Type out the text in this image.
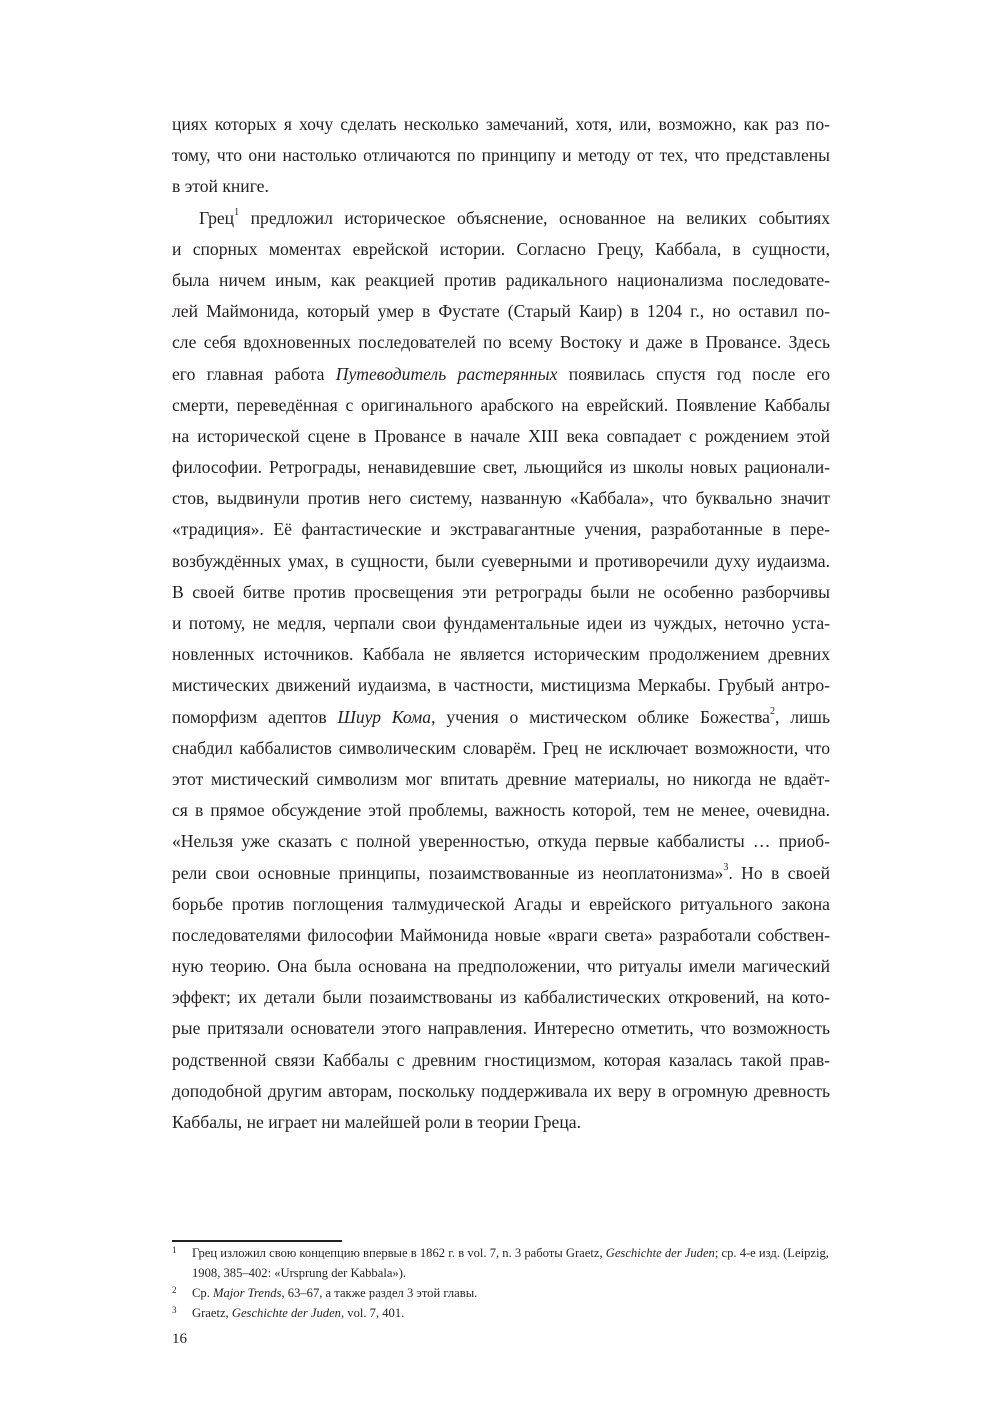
циях которых я хочу сделать несколько замечаний, хотя, или, возможно, как раз по-
тому, что они настолько отличаются по принципу и методу от тех, что представлены
в этой книге.
Грец$^1$ предложил историческое объяснение, основанное на великих событиях
и спорных моментах еврейской истории. Согласно Грецу, Каббала, в сущности,
была ничем иным, как реакцией против радикального национализма последовате-
лей Маймонида, который умер в Фустате (Старый Каир) в 1204 г., но оставил по-
сле себя вдохновенных последователей по всему Востоку и даже в Провансе. Здесь
его главная работа Путеводитель растерянных появилась спустя год после его
смерти, переведённая с оригинального арабского на еврейский. Появление Каббалы
на исторической сцене в Провансе в начале XIII века совпадает с рождением этой
философии. Ретрограды, ненавидевшие свет, льющийся из школы новых рационали-
стов, выдвинули против него систему, названную «Каббала», что буквально значит
«традиция». Её фантастические и экстравагантные учения, разработанные в пере-
возбуждённых умах, в сущности, были суеверными и противоречили духу иудаизма.
В своей битве против просвещения эти ретрограды были не особенно разборчивы
и потому, не медля, черпали свои фундаментальные идеи из чуждых, неточно уста-
новленных источников. Каббала не является историческим продолжением древних
мистических движений иудаизма, в частности, мистицизма Меркабы. Грубый антро-
поморфизм адептов Шиур Кома, учения о мистическом облике Божества$^2$, лишь
снабдил каббалистов символическим словарём. Грец не исключает возможности, что
этот мистический символизм мог впитать древние материалы, но никогда не вдаёт-
ся в прямое обсуждение этой проблемы, важность которой, тем не менее, очевидна.
«Нельзя уже сказать с полной уверенностью, откуда первые каббалисты … приоб-
рели свои основные принципы, позаимствованные из неоплатонизма»$^3$. Но в своей
борьбе против поглощения талмудической Агады и еврейского ритуального закона
последователями философии Маймонида новые «враги света» разработали собствен-
ную теорию. Она была основана на предположении, что ритуалы имели магический
эффект; их детали были позаимствованы из каббалистических откровений, на кото-
рые притязали основатели этого направления. Интересно отметить, что возможность
родственной связи Каббалы с древним гностицизмом, которая казалась такой прав-
доподобной другим авторам, поскольку поддерживала их веру в огромную древность
Каббалы, не играет ни малейшей роли в теории Греца.
1 Грец изложил свою концепцию впервые в 1862 г. в vol. 7, n. 3 работы Graetz, Geschichte der Juden; ср. 4-е изд. (Leipzig, 1908, 385–402: «Ursprung der Kabbala»).
2 Ср. Major Trends, 63–67, а также раздел 3 этой главы.
3 Graetz, Geschichte der Juden, vol. 7, 401.
16
